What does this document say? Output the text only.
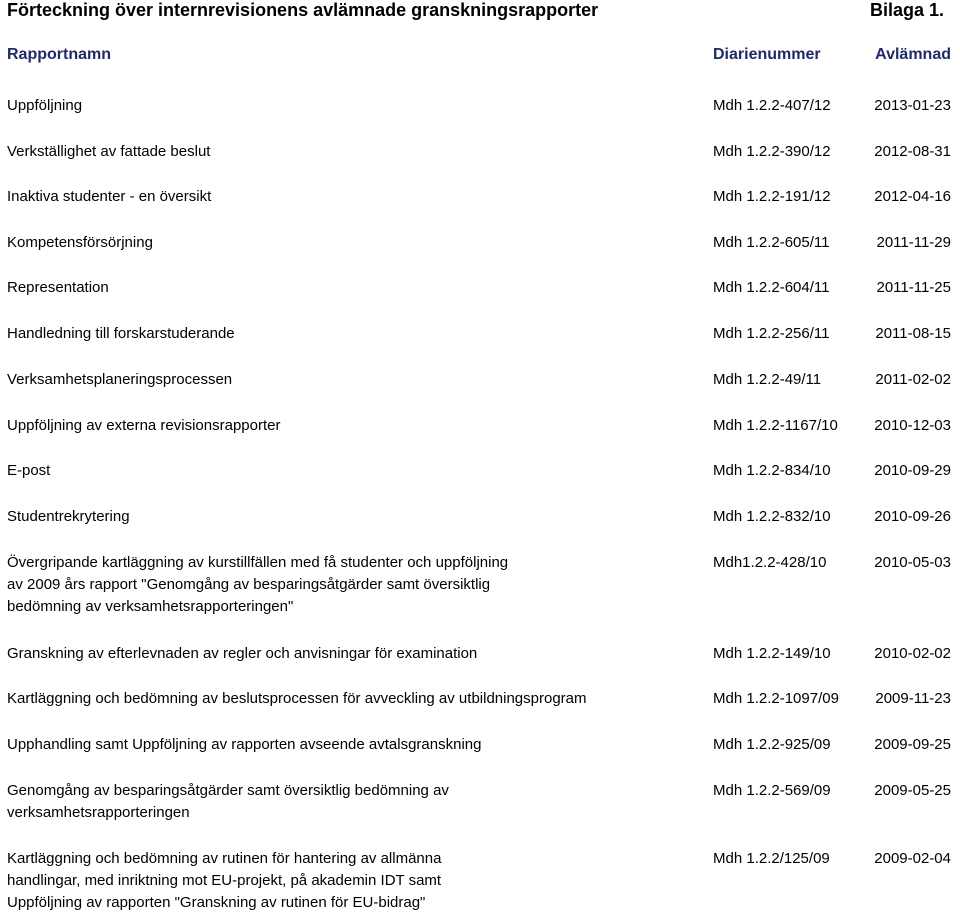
Förteckning över internrevisionens avlämnade granskningsrapporter	Bilaga 1.
Rapportnamn	Diarienummer	Avlämnad
Uppföljning	Mdh 1.2.2-407/12	2013-01-23
Verkställighet av fattade beslut	Mdh 1.2.2-390/12	2012-08-31
Inaktiva studenter - en översikt	Mdh 1.2.2-191/12	2012-04-16
Kompetensförsörjning	Mdh 1.2.2-605/11	2011-11-29
Representation	Mdh 1.2.2-604/11	2011-11-25
Handledning till forskarstuderande	Mdh 1.2.2-256/11	2011-08-15
Verksamhetsplaneringsprocessen	Mdh 1.2.2-49/11	2011-02-02
Uppföljning av externa revisionsrapporter	Mdh 1.2.2-1167/10 2010-12-03
E-post	Mdh 1.2.2-834/10	2010-09-29
Studentrekrytering	Mdh 1.2.2-832/10	2010-09-26
Övergripande kartläggning av kurstillfällen med få studenter och uppföljning
av 2009 års rapport "Genomgång av besparingsåtgärder samt översiktlig
bedömning av verksamhetsrapporteringen"
Mdh1.2.2-428/10	2010-05-03
Granskning av efterlevnaden av regler och anvisningar för examination	Mdh 1.2.2-149/10	2010-02-02
Kartläggning och bedömning av beslutsprocessen för avveckling av utbildningsprogram	Mdh 1.2.2-1097/09 2009-11-23
Upphandling samt Uppföljning av rapporten avseende avtalsgranskning	Mdh 1.2.2-925/09	2009-09-25
Genomgång av besparingsåtgärder samt översiktlig bedömning av
verksamhetsrapporteringen
Mdh 1.2.2-569/09	2009-05-25
Kartläggning och bedömning av rutinen för hantering av allmänna
handlingar, med inriktning mot EU-projekt, på akademin IDT samt
Uppföljning av rapporten "Granskning av rutinen för EU-bidrag"
Mdh 1.2.2/125/09	2009-02-04
